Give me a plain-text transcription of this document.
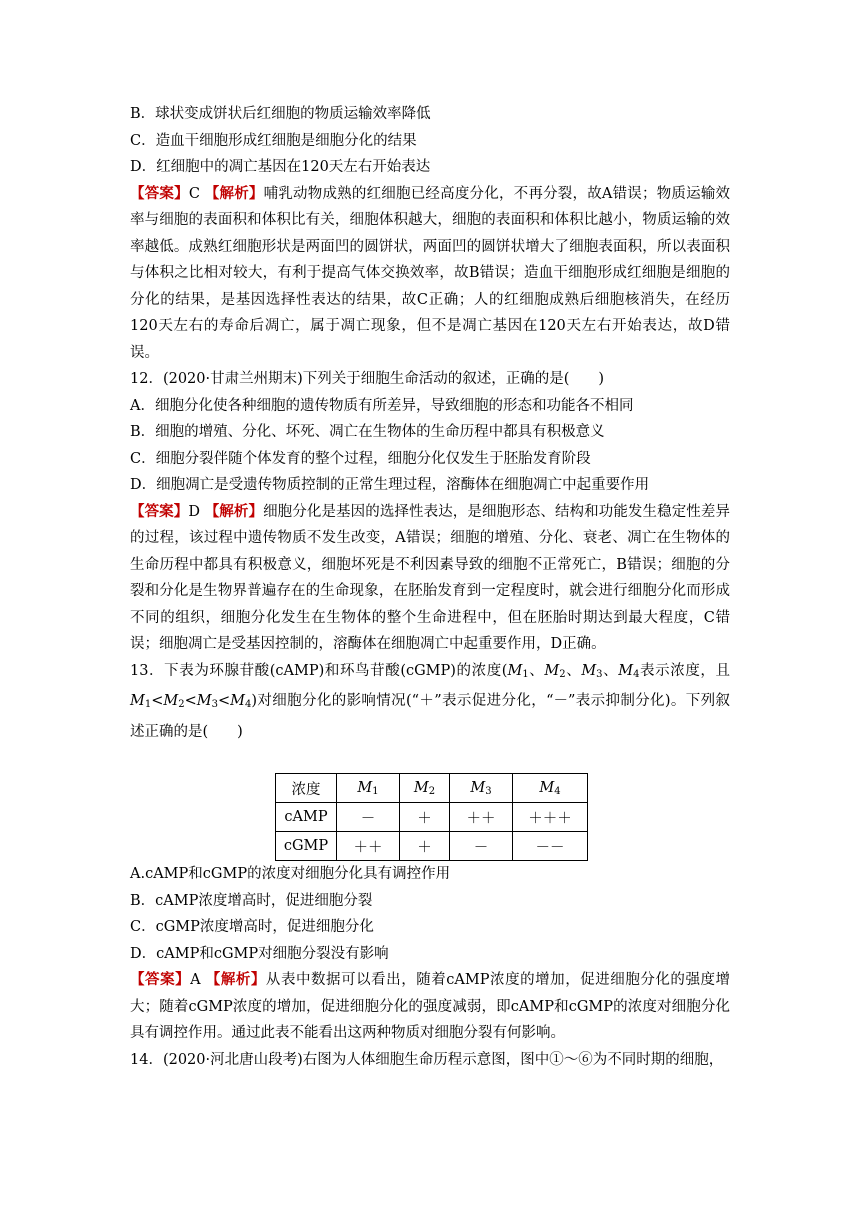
B．球状变成饼状后红细胞的物质运输效率降低

C．造血干细胞形成红细胞是细胞分化的结果

D．红细胞中的凋亡基因在120天左右开始表达

【答案】C 【解析】哺乳动物成熟的红细胞已经高度分化，不再分裂，故A错误；物质运输效率与细胞的表面积和体积比有关，细胞体积越大，细胞的表面积和体积比越小，物质运输的效率越低。成熟红细胞形状是两面凹的圆饼状，两面凹的圆饼状增大了细胞表面积，所以表面积与体积之比相对较大，有利于提高气体交换效率，故B错误；造血干细胞形成红细胞是细胞的分化的结果，是基因选择性表达的结果，故C正确；人的红细胞成熟后细胞核消失，在经历120天左右的寿命后凋亡，属于凋亡现象，但不是凋亡基因在120天左右开始表达，故D错误。

12．(2020·甘肃兰州期末)下列关于细胞生命活动的叙述，正确的是(　　)

A．细胞分化使各种细胞的遗传物质有所差异，导致细胞的形态和功能各不相同

B．细胞的增殖、分化、坏死、凋亡在生物体的生命历程中都具有积极意义

C．细胞分裂伴随个体发育的整个过程，细胞分化仅发生于胚胎发育阶段

D．细胞凋亡是受遗传物质控制的正常生理过程，溶酶体在细胞凋亡中起重要作用

【答案】D 【解析】细胞分化是基因的选择性表达，是细胞形态、结构和功能发生稳定性差异的过程，该过程中遗传物质不发生改变，A错误；细胞的增殖、分化、衰老、凋亡在生物体的生命历程中都具有积极意义，细胞坏死是不利因素导致的细胞不正常死亡，B错误；细胞的分裂和分化是生物界普遍存在的生命现象，在胚胎发育到一定程度时，就会进行细胞分化而形成不同的组织，细胞分化发生在生物体的整个生命进程中，但在胚胎时期达到最大程度，C错误；细胞凋亡是受基因控制的，溶酶体在细胞凋亡中起重要作用，D正确。

13．下表为环腺苷酸(cAMP)和环鸟苷酸(cGMP)的浓度($M_1$、$M_2$、$M_3$、$M_4$表示浓度，且$M_1<M_2<M_3<M_4$)对细胞分化的影响情况(“＋”表示促进分化，“－”表示抑制分化)。下列叙述正确的是(　　)

浓度	$M_1$	$M_2$	$M_3$	$M_4$
cAMP	－	＋	＋＋	＋＋＋
cGMP	＋＋	＋	－	－－

A.cAMP和cGMP的浓度对细胞分化具有调控作用

B．cAMP浓度增高时，促进细胞分裂

C．cGMP浓度增高时，促进细胞分化

D．cAMP和cGMP对细胞分裂没有影响

【答案】A 【解析】从表中数据可以看出，随着cAMP浓度的增加，促进细胞分化的强度增大；随着cGMP浓度的增加，促进细胞分化的强度减弱，即cAMP和cGMP的浓度对细胞分化具有调控作用。通过此表不能看出这两种物质对细胞分裂有何影响。

14．(2020·河北唐山段考)右图为人体细胞生命历程示意图，图中①～⑥为不同时期的细胞，
